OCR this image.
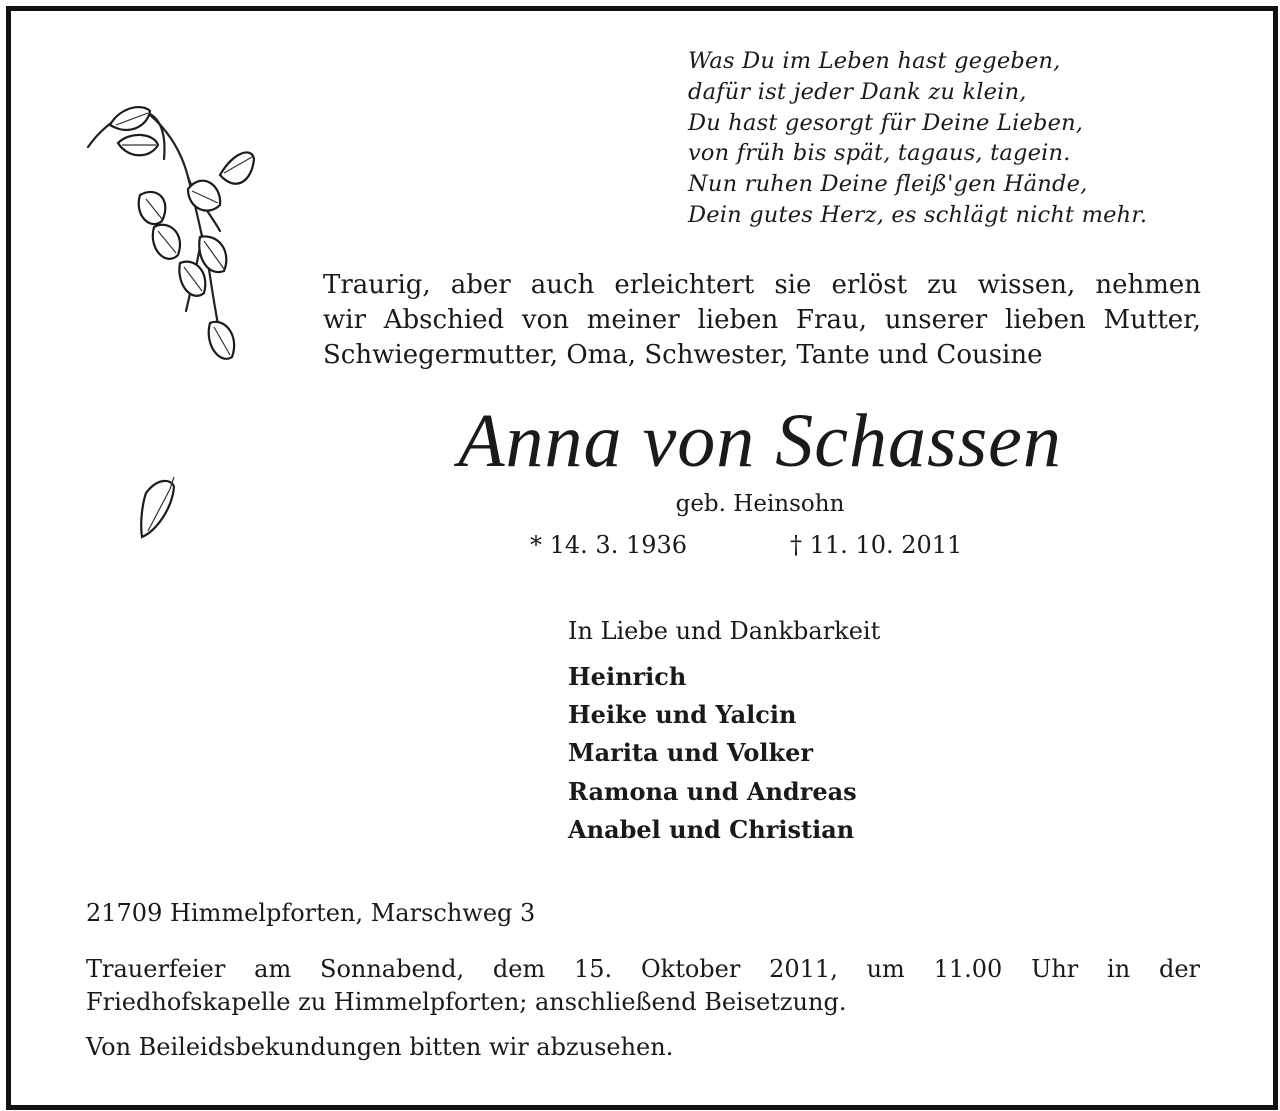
Was Du im Leben hast gegeben,
dafür ist jeder Dank zu klein,
Du hast gesorgt für Deine Lieben,
von früh bis spät, tagaus, tagein.
Nun ruhen Deine fleiß'gen Hände,
Dein gutes Herz, es schlägt nicht mehr.
Traurig, aber auch erleichtert sie erlöst zu wissen, nehmen
wir Abschied von meiner lieben Frau, unserer lieben Mutter,
Schwiegermutter, Oma, Schwester, Tante und Cousine
Anna von Schassen
geb. Heinsohn
* 14. 3. 1936	† 11. 10. 2011
In Liebe und Dankbarkeit
Heinrich
Heike und Yalcin
Marita und Volker
Ramona und Andreas
Anabel und Christian
21709 Himmelpforten, Marschweg 3
Trauerfeier am Sonnabend, dem 15. Oktober 2011, um 11.00 Uhr in der
Friedhofskapelle zu Himmelpforten; anschließend Beisetzung.
Von Beileidsbekundungen bitten wir abzusehen.
